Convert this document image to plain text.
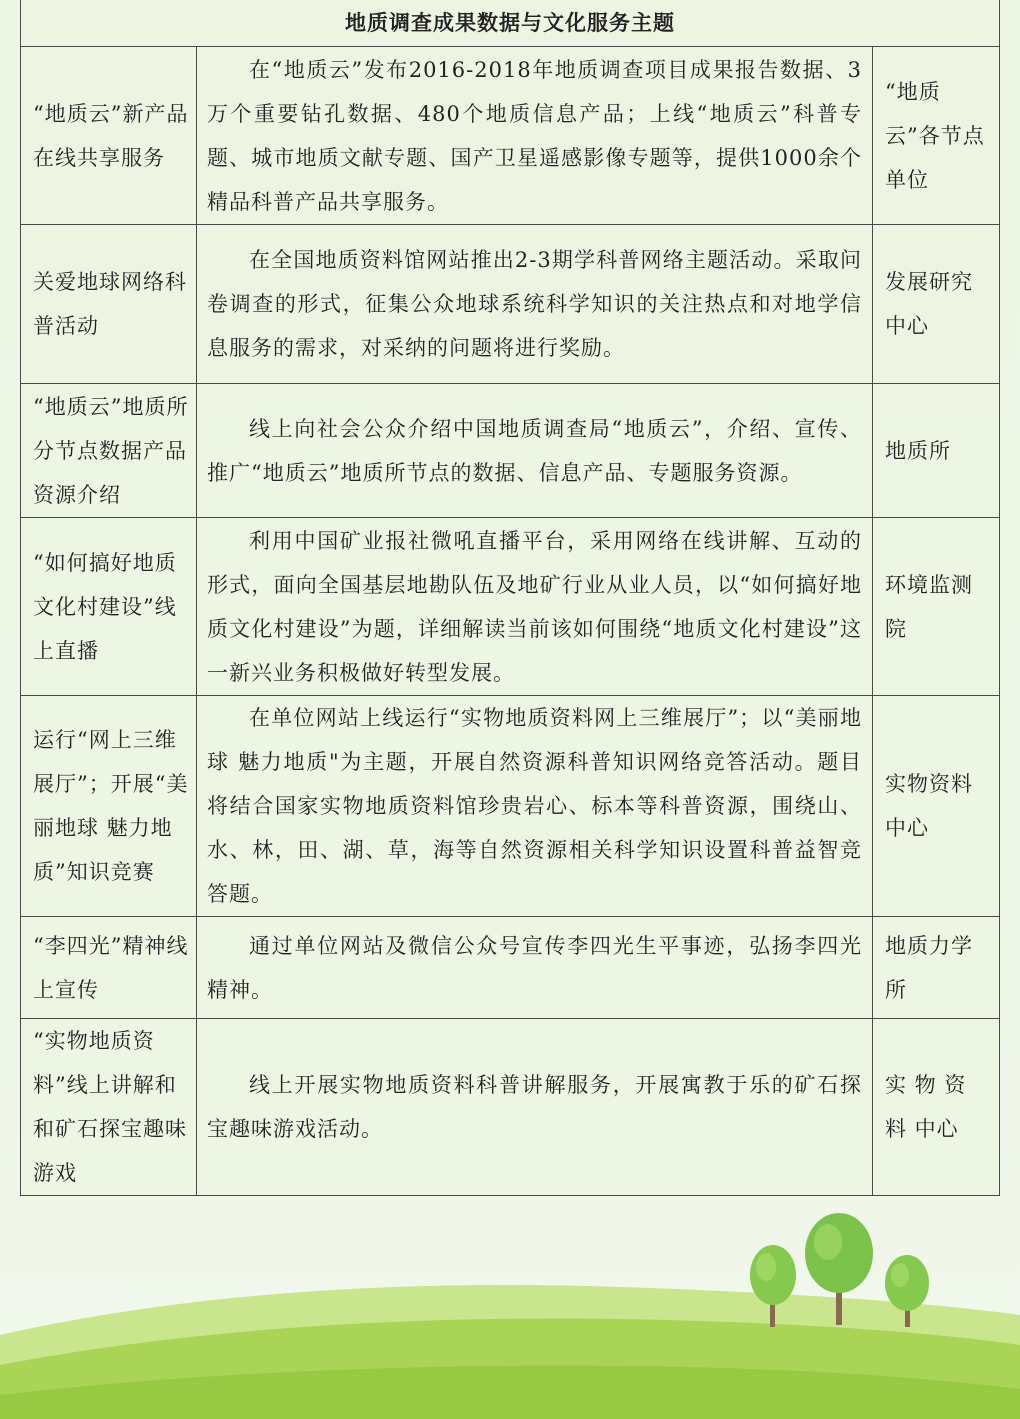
地质调查成果数据与文化服务主题		
“地质云”新产品在线共享服务	在“地质云”发布2016-2018年地质调查项目成果报告数据、3万个重要钻孔数据、480个地质信息产品；上线“地质云”科普专题、城市地质文献专题、国产卫星遥感影像专题等，提供1000余个精品科普产品共享服务。	“地质云”各节点单位
关爱地球网络科普活动	在全国地质资料馆网站推出2-3期学科普网络主题活动。采取问卷调查的形式，征集公众地球系统科学知识的关注热点和对地学信息服务的需求，对采纳的问题将进行奖励。	发展研究中心
“地质云”地质所分节点数据产品资源介绍	线上向社会公众介绍中国地质调查局“地质云”，介绍、宣传、推广“地质云”地质所节点的数据、信息产品、专题服务资源。	地质所
“如何搞好地质文化村建设”线上直播	利用中国矿业报社微吼直播平台，采用网络在线讲解、互动的形式，面向全国基层地勘队伍及地矿行业从业人员，以“如何搞好地质文化村建设”为题，详细解读当前该如何围绕“地质文化村建设”这一新兴业务积极做好转型发展。	环境监测院
运行“网上三维展厅”；开展“美丽地球 魅力地质”知识竞赛	在单位网站上线运行“实物地质资料网上三维展厅”；以“美丽地球 魅力地质"为主题，开展自然资源科普知识网络竞答活动。题目将结合国家实物地质资料馆珍贵岩心、标本等科普资源，围绕山、水、林，田、湖、草，海等自然资源相关科学知识设置科普益智竞答题。	实物资料中心
“李四光”精神线上宣传	通过单位网站及微信公众号宣传李四光生平事迹，弘扬李四光精神。	地质力学所
“实物地质资料”线上讲解和和矿石探宝趣味游戏	线上开展实物地质资料科普讲解服务，开展寓教于乐的矿石探宝趣味游戏活动。	实 物 资 料 中心
